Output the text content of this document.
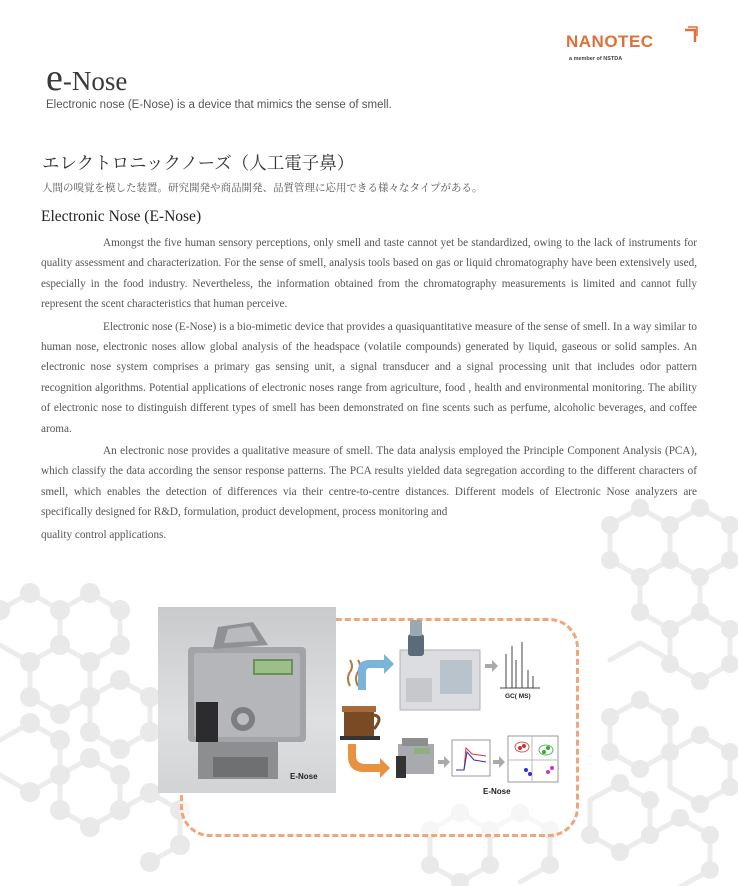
NANOTEC
a member of NSTDA
e-Nose
Electronic nose (E-Nose) is a device that mimics the sense of smell.
エレクトロニックノーズ（人工電子鼻）
人間の嗅覚を模した装置。研究開発や商品開発、品質管理に応用できる様々なタイプがある。
Electronic Nose (E-Nose)

Amongst the five human sensory perceptions, only smell and taste cannot yet be standardized, owing to the lack of instruments for quality assessment and characterization. For the sense of smell, analysis tools based on gas or liquid chromatography have been extensively used, especially in the food industry. Nevertheless, the information obtained from the chromatography measurements is limited and cannot fully represent the scent characteristics that human perceive.

Electronic nose (E-Nose) is a bio-mimetic device that provides a quasiquantitative measure of the sense of smell. In a way similar to human nose, electronic noses allow global analysis of the headspace (volatile compounds) generated by liquid, gaseous or solid samples. An electronic nose system comprises a primary gas sensing unit, a signal transducer and a signal processing unit that includes odor pattern recognition algorithms. Potential applications of electronic noses range from agriculture, food , health and environmental monitoring. The ability of electronic nose to distinguish different types of smell has been demonstrated on fine scents such as perfume, alcoholic beverages, and coffee aroma.

An electronic nose provides a qualitative measure of smell. The data analysis employed the Principle Component Analysis (PCA), which classify the data according the sensor response patterns. The PCA results yielded data segregation according to the different characters of smell, which enables the detection of differences via their centre-to-centre distances. Different models of Electronic Nose analyzers are specifically designed for R&D, formulation, product development, process monitoring and

quality control applications.

E-Nose
GC( MS)
E-Nose
